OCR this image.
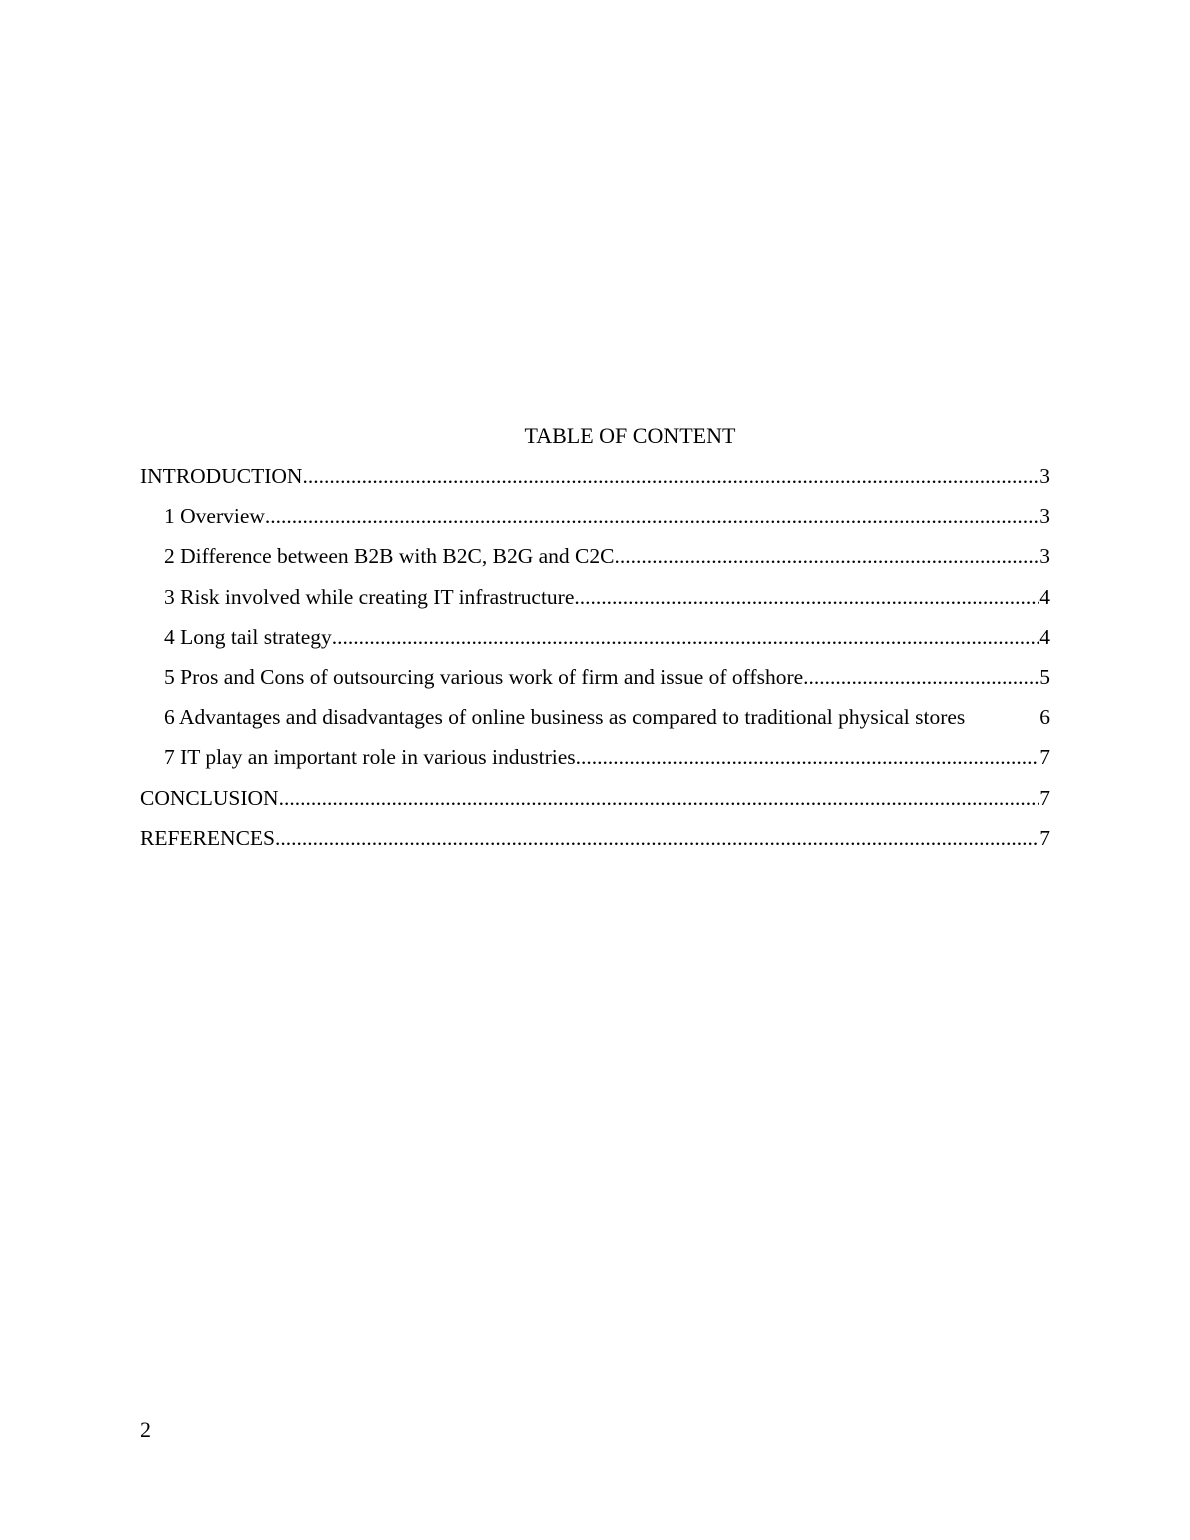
TABLE OF CONTENT
INTRODUCTION .....	3
1 Overview .....	3
2 Difference between B2B with B2C, B2G and C2C .....	3
3 Risk involved while creating IT infrastructure .....	4
4 Long tail strategy .....	4
5 Pros and Cons of outsourcing various work of firm and issue of offshore .....	5
6 Advantages and disadvantages of online business as compared to traditional physical stores	6
7 IT play an important role in various industries .....	7
CONCLUSION .....	7
REFERENCES .....	7
2
